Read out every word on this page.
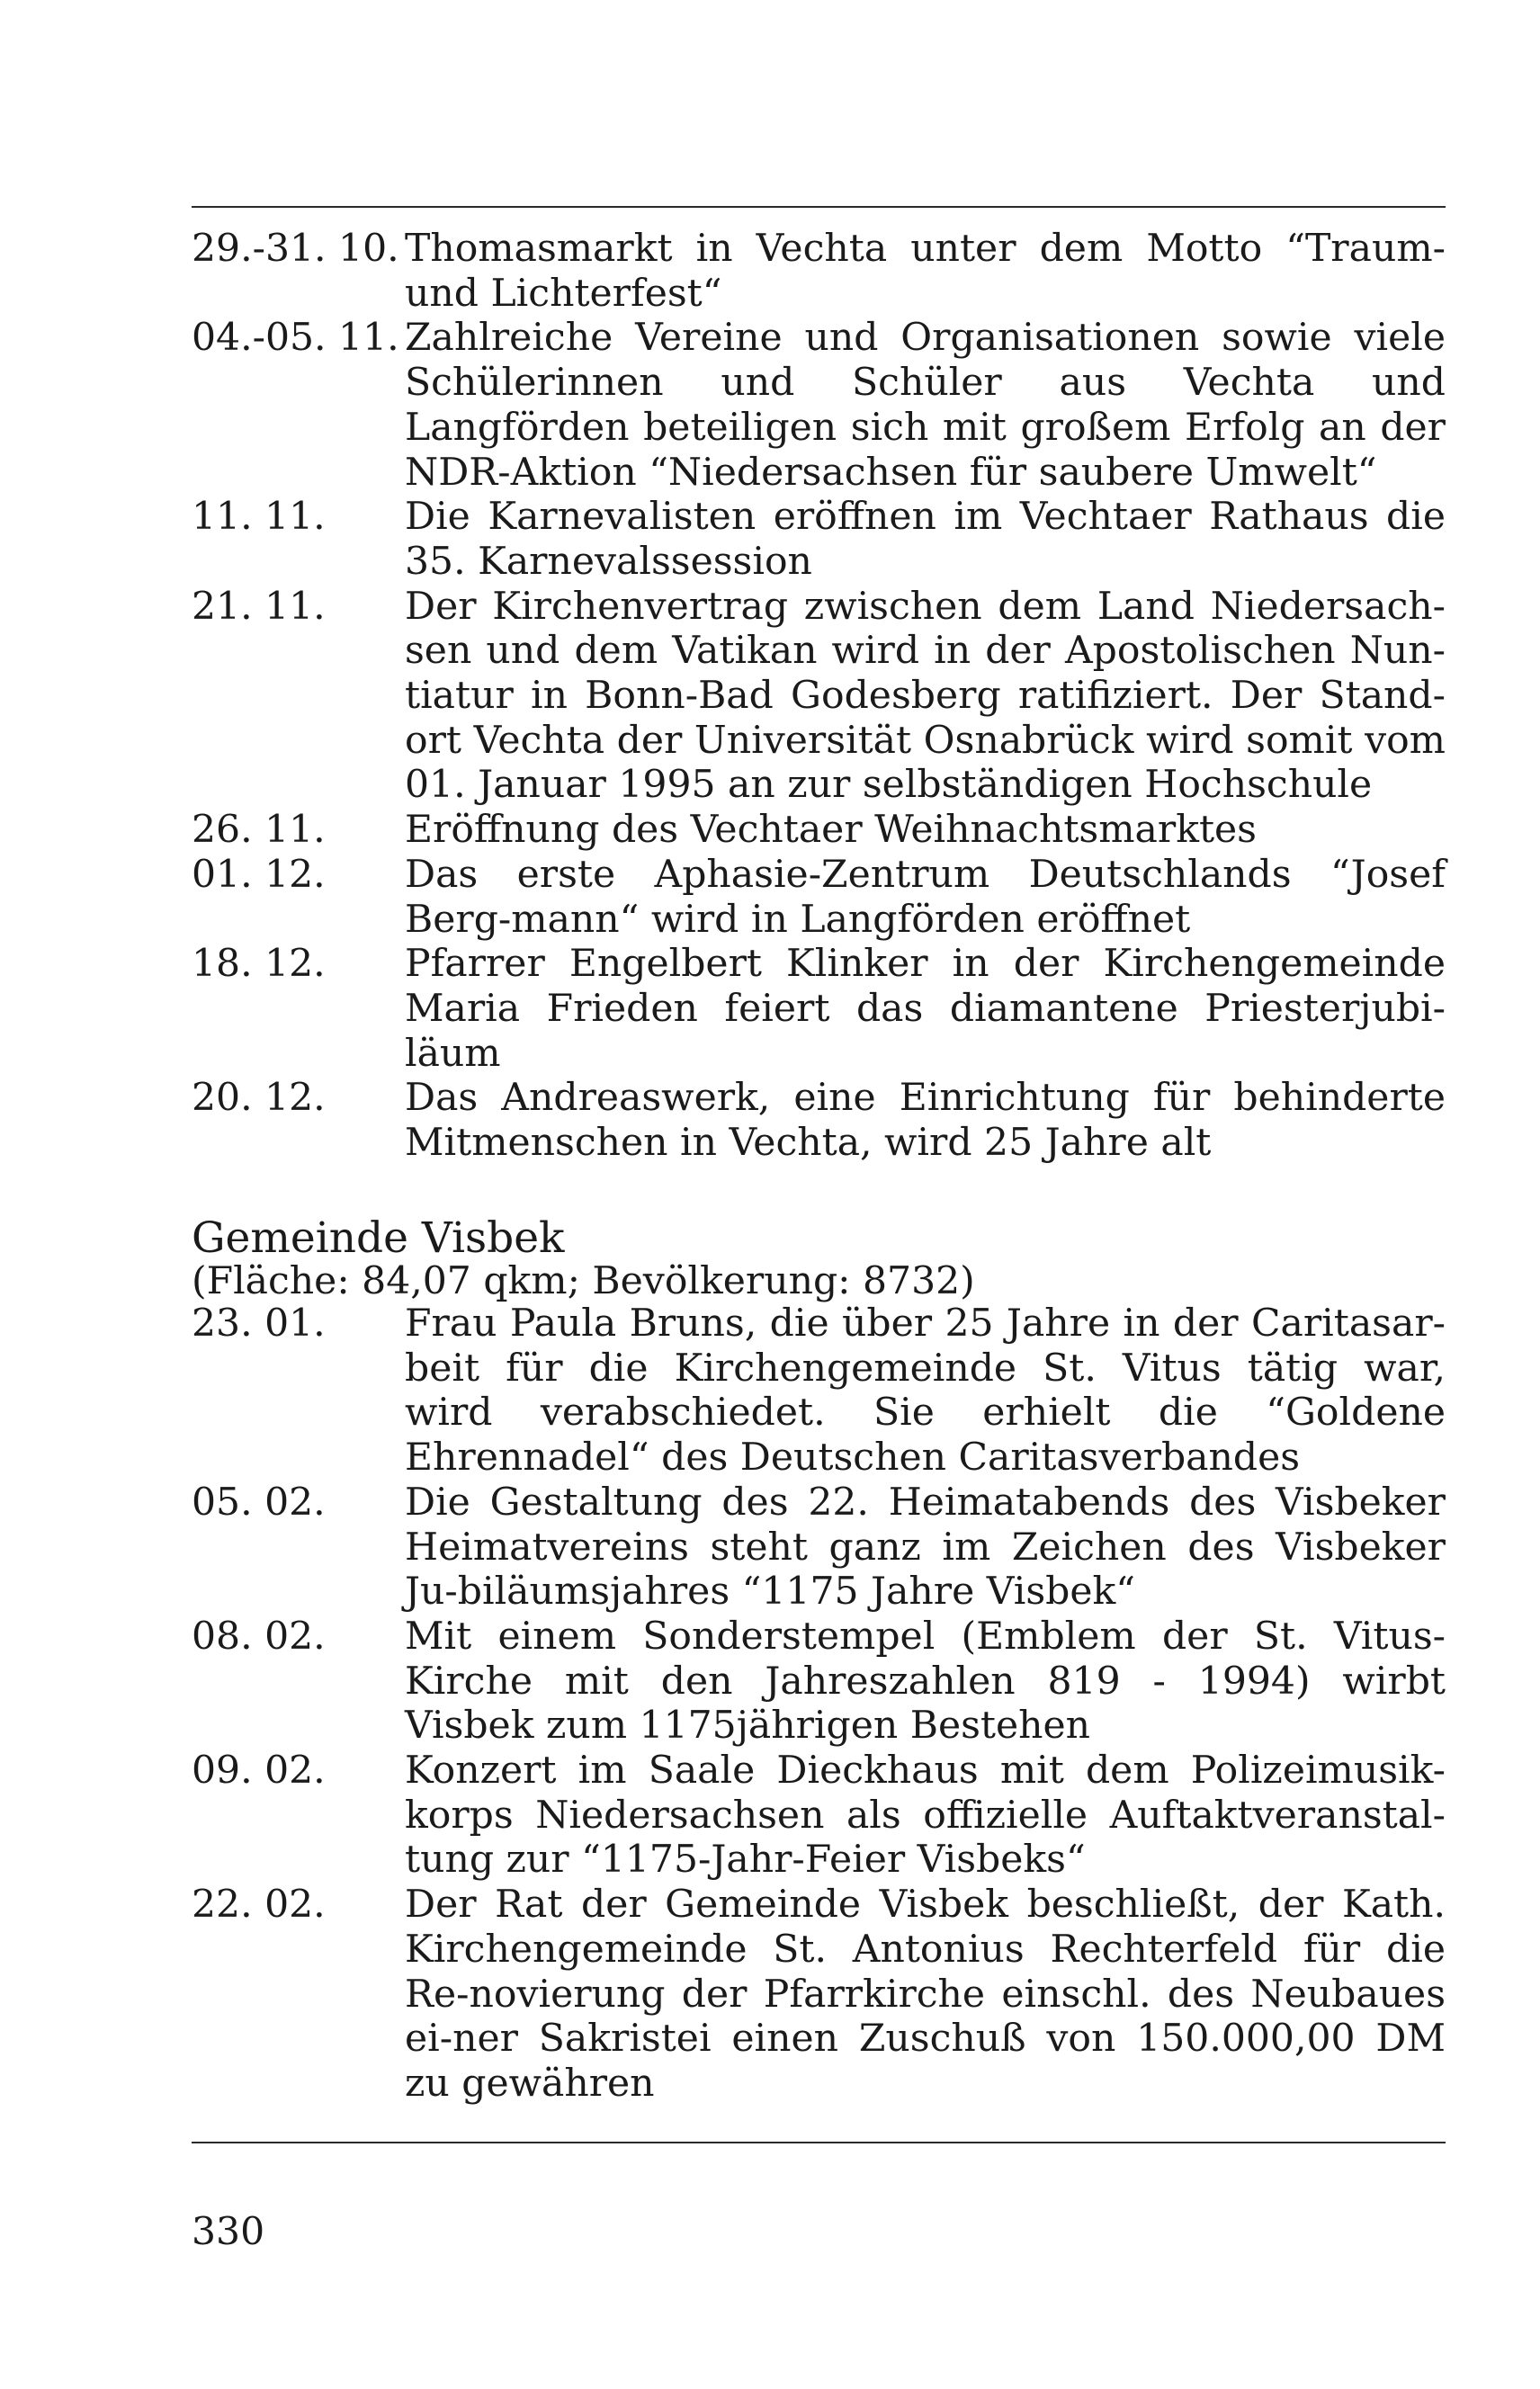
29.-31. 10. Thomasmarkt in Vechta unter dem Motto “Traum- und Lichterfest“
04.-05. 11. Zahlreiche Vereine und Organisationen sowie viele Schülerinnen und Schüler aus Vechta und Langförden beteiligen sich mit großem Erfolg an der NDR-Aktion “Niedersachsen für saubere Umwelt“
11. 11.	Die Karnevalisten eröffnen im Vechtaer Rathaus die 35. Karnevalssession
21. 11.	Der Kirchenvertrag zwischen dem Land Niedersach-sen und dem Vatikan wird in der Apostolischen Nun-tiatur in Bonn-Bad Godesberg ratifiziert. Der Stand-ort Vechta der Universität Osnabrück wird somit vom 01. Januar 1995 an zur selbständigen Hochschule
26. 11.	Eröffnung des Vechtaer Weihnachtsmarktes
01. 12.	Das erste Aphasie-Zentrum Deutschlands “Josef Berg-mann“ wird in Langförden eröffnet
18. 12.	Pfarrer Engelbert Klinker in der Kirchengemeinde Maria Frieden feiert das diamantene Priesterjubi-läum
20. 12.	Das Andreaswerk, eine Einrichtung für behinderte Mitmenschen in Vechta, wird 25 Jahre alt
Gemeinde Visbek
(Fläche: 84,07 qkm; Bevölkerung: 8732)
23. 01.	Frau Paula Bruns, die über 25 Jahre in der Caritasar-beit für die Kirchengemeinde St. Vitus tätig war, wird verabschiedet. Sie erhielt die “Goldene Ehrennadel“ des Deutschen Caritasverbandes
05. 02.	Die Gestaltung des 22. Heimatabends des Visbeker Heimatvereins steht ganz im Zeichen des Visbeker Ju-biläumsjahres “1175 Jahre Visbek“
08. 02.	Mit einem Sonderstempel (Emblem der St. Vitus-Kirche mit den Jahreszahlen 819 - 1994) wirbt Visbek zum 1175jährigen Bestehen
09. 02.	Konzert im Saale Dieckhaus mit dem Polizeimusik-korps Niedersachsen als offizielle Auftaktveranstal-tung zur “1175-Jahr-Feier Visbeks“
22. 02.	Der Rat der Gemeinde Visbek beschließt, der Kath. Kirchengemeinde St. Antonius Rechterfeld für die Re-novierung der Pfarrkirche einschl. des Neubaues ei-ner Sakristei einen Zuschuß von 150.000,00 DM zu gewähren
330
